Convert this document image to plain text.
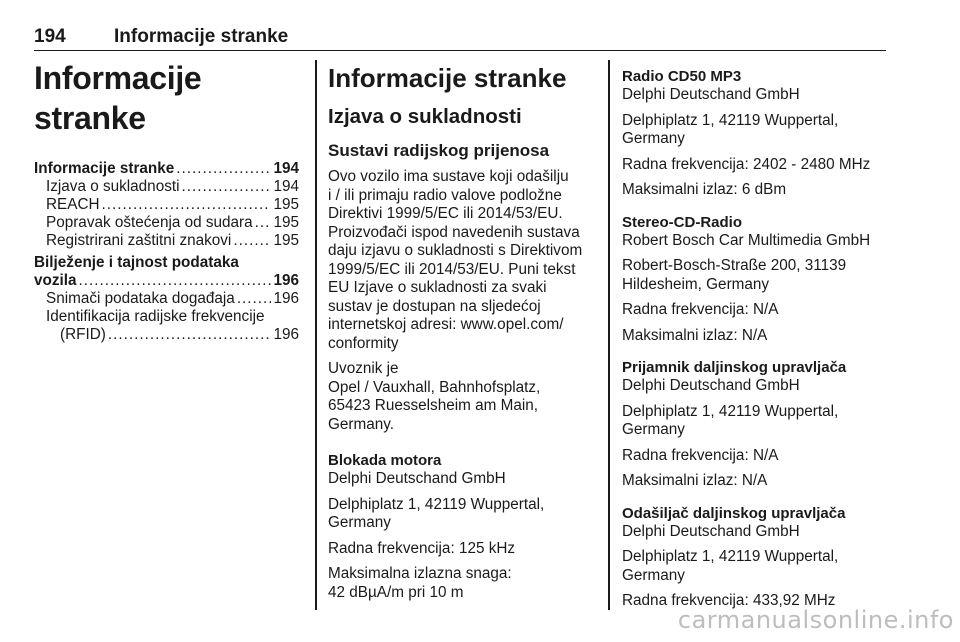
194	Informacije stranke
Informacije stranke
Informacije stranke .....	194
Izjava o sukladnosti .....	194
REACH .....	195
Popravak oštećenja od sudara ..... 195
Registrirani zaštitni znakovi .....	195
Bilježenje i tajnost podataka
vozila .....	196
Snimači podataka događaja .....	196
Identifikacija radijske frekvencije
(RFID) .....	196
Informacije stranke
Izjava o sukladnosti
Sustavi radijskog prijenosa
Ovo vozilo ima sustave koji odašilju
i / ili primaju radio valove podložne
Direktivi 1999/5/EC ili 2014/53/EU.
Proizvođači ispod navedenih sustava
daju izjavu o sukladnosti s Direktivom
1999/5/EC ili 2014/53/EU. Puni tekst
EU Izjave o sukladnosti za svaki
sustav je dostupan na sljedećoj
internetskoj adresi: www.opel.com/
conformity
Uvoznik je
Opel / Vauxhall, Bahnhofsplatz,
65423 Ruesselsheim am Main,
Germany.
Blokada motora
Delphi Deutschand GmbH
Delphiplatz 1, 42119 Wuppertal,
Germany
Radna frekvencija: 125 kHz
Maksimalna izlazna snaga:
42 dBµA/m pri 10 m
Radio CD50 MP3
Delphi Deutschand GmbH
Delphiplatz 1, 42119 Wuppertal,
Germany
Radna frekvencija: 2402 - 2480 MHz
Maksimalni izlaz: 6 dBm
Stereo-CD-Radio
Robert Bosch Car Multimedia GmbH
Robert-Bosch-Straße 200, 31139
Hildesheim, Germany
Radna frekvencija: N/A
Maksimalni izlaz: N/A
Prijamnik daljinskog upravljača
Delphi Deutschand GmbH
Delphiplatz 1, 42119 Wuppertal,
Germany
Radna frekvencija: N/A
Maksimalni izlaz: N/A
Odašiljač daljinskog upravljača
Delphi Deutschand GmbH
Delphiplatz 1, 42119 Wuppertal,
Germany
Radna frekvencija: 433,92 MHz
carmanualsonline.info
